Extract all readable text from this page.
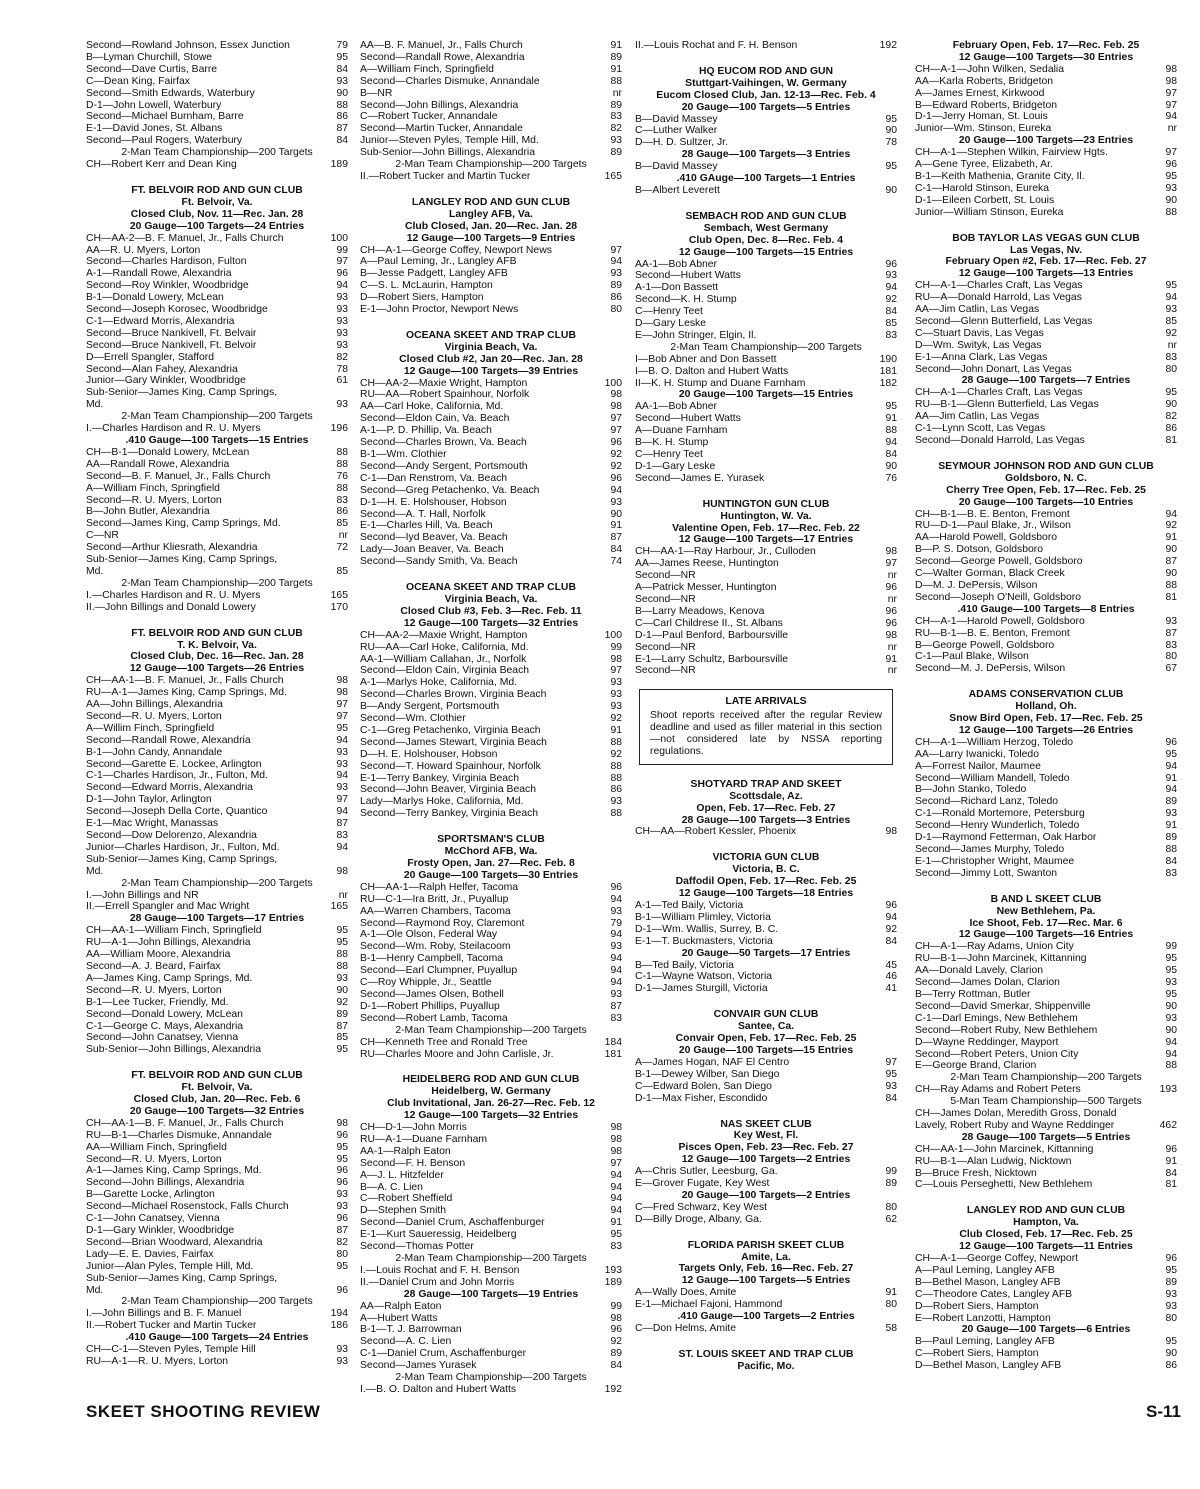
Second—Rowland Johnson, Essex Junction	79
B—Lyman Churchill, Stowe	95
Second—Dave Curtis, Barre	84
C—Dean King, Fairfax	93
Second—Smith Edwards, Waterbury	90
D-1—John Lowell, Waterbury	88
Second—Michael Burnham, Barre	86
E-1—David Jones, St. Albans	87
Second—Paul Rogers, Waterbury	84
2-Man Team Championship—200 Targets
CH—Robert Kerr and Dean King	189
FT. BELVOIR ROD AND GUN CLUB
Ft. Belvoir, Va.
Closed Club, Nov. 11—Rec. Jan. 28
20 Gauge—100 Targets—24 Entries
CH—AA-2—B. F. Manuel, Jr., Falls Church	100
AA—R. U. Myers, Lorton	99
Second—Charles Hardison, Fulton	97
A-1—Randall Rowe, Alexandria	96
Second—Roy Winkler, Woodbridge	94
B-1—Donald Lowery, McLean	93
Second—Joseph Korosec, Woodbridge	93
C-1—Edward Morris, Alexandria	93
Second—Bruce Nankivell, Ft. Belvair	93
Second—Bruce Nankivell, Ft. Belvoir	93
D—Errell Spangler, Stafford	82
Second—Alan Fahey, Alexandria	78
Junior—Gary Winkler, Woodbridge	61
Sub-Senior—James King, Camp Springs,
Md.	93
2-Man Team Championship—200 Targets
I.—Charles Hardison and R. U. Myers	196
.410 Gauge—100 Targets—15 Entries
CH—B-1—Donald Lowery, McLean	88
AA—Randall Rowe, Alexandria	88
Second—B. F. Manuel, Jr., Falls Church	76
A—William Finch, Springfield	88
Second—R. U. Myers, Lorton	83
B—John Butler, Alexandria	86
Second—James King, Camp Springs, Md.	85
C—NR	nr
Second—Arthur Kliesrath, Alexandria	72
Sub-Senior—James King, Camp Springs,
Md.	85
2-Man Team Championship—200 Targets
I.—Charles Hardison and R. U. Myers	165
II.—John Billings and Donald Lowery	170
FT. BELVOIR ROD AND GUN CLUB
T. K. Belvoir, Va.
Closed Club, Dec. 16—Rec. Jan. 28
12 Gauge—100 Targets—26 Entries
CH—AA-1—B. F. Manuel, Jr., Falls Church	98
RU—A-1—James King, Camp Springs, Md.	98
AA—John Billings, Alexandria	97
Second—R. U. Myers, Lorton	97
A—Willim Finch, Springfield	95
Second—Randall Rowe, Alexandria	94
B-1—John Candy, Annandale	93
Second—Garette E. Lockee, Arlington	93
C-1—Charles Hardison, Jr., Fulton, Md.	94
Second—Edward Morris, Alexandria	93
D-1—John Taylor, Arlington	97
Second—Joseph Della Corte, Quantico	94
E-1—Mac Wright, Manassas	87
Second—Dow Delorenzo, Alexandria	83
Junior—Charles Hardison, Jr., Fulton, Md.	94
Sub-Senior—James King, Camp Springs,
Md.	98
2-Man Team Championship—200 Targets
I.—John Billings and NR	nr
II.—Errell Spangler and Mac Wright	165
28 Gauge—100 Targets—17 Entries
CH—AA-1—William Finch, Springfield	95
RU—A-1—John Billings, Alexandria	95
AA—William Moore, Alexandria	88
Second—A. J. Beard, Fairfax	88
A—James King, Camp Springs, Md.	93
Second—R. U. Myers, Lorton	90
B-1—Lee Tucker, Friendly, Md.	92
Second—Donald Lowery, McLean	89
C-1—George C. Mays, Alexandria	87
Second—John Canatsey, Vienna	85
Sub-Senior—John Billings, Alexandria	95
FT. BELVOIR ROD AND GUN CLUB
Ft. Belvoir, Va.
Closed Club, Jan. 20—Rec. Feb. 6
20 Gauge—100 Targets—32 Entries
CH—AA-1—B. F. Manuel, Jr., Falls Church	98
RU—B-1—Charles Dismuke, Annandale	96
AA—William Finch, Springfield	95
Second—R. U. Myers, Lorton	95
A-1—James King, Camp Springs, Md.	96
Second—John Billings, Alexandria	96
B—Garette Locke, Arlington	93
Second—Michael Rosenstock, Falls Church	93
C-1—John Canatsey, Vienna	96
D-1—Gary Winkler, Woodbridge	87
Second—Brian Woodward, Alexandria	82
Lady—E. E. Davies, Fairfax	80
Junior—Alan Pyles, Temple Hill, Md.	95
Sub-Senior—James King, Camp Springs,
Md.	96
2-Man Team Championship—200 Targets
I.—John Billings and B. F. Manuel	194
II.—Robert Tucker and Martin Tucker	186
.410 Gauge—100 Targets—24 Entries
CH—C-1—Steven Pyles, Temple Hill	93
RU—A-1—R. U. Myers, Lorton	93
AA—B. F. Manuel, Jr., Falls Church	91
Second—Randall Rowe, Alexandria	89
A—William Finch, Springfield	91
Second—Charles Dismuke, Annandale	88
B—NR	nr
Second—John Billings, Alexandria	89
C—Robert Tucker, Annandale	83
Second—Martin Tucker, Annandale	82
Junior—Steven Pyles, Temple Hill, Md.	93
Sub-Senior—John Billings, Alexandria	89
2-Man Team Championship—200 Targets
II.—Robert Tucker and Martin Tucker	165
LANGLEY ROD AND GUN CLUB
Langley AFB, Va.
Club Closed, Jan. 20—Rec. Jan. 28
12 Gauge—100 Targets—9 Entries
CH—A-1—George Coffey, Newport News	97
A—Paul Leming, Jr., Langley AFB	94
B—Jesse Padgett, Langley AFB	93
C—S. L. McLaurin, Hampton	89
D—Robert Siers, Hampton	86
E-1—John Proctor, Newport News	80
OCEANA SKEET AND TRAP CLUB
Virginia Beach, Va.
Closed Club #2, Jan 20—Rec. Jan. 28
12 Gauge—100 Targets—39 Entries
CH—AA-2—Maxie Wright, Hampton	100
RU—AA—Robert Spainhour, Norfolk	98
AA—Carl Hoke, California, Md.	98
Second—Eldon Cain, Va. Beach	97
A-1—P. D. Phillip, Va. Beach	97
Second—Charles Brown, Va. Beach	96
B-1—Wm. Clothier	92
Second—Andy Sergent, Portsmouth	92
C-1—Dan Renstrom, Va. Beach	96
Second—Greg Petachenko, Va. Beach	94
D-1—H. E. Holshouser, Hobson	93
Second—A. T. Hall, Norfolk	90
E-1—Charles Hill, Va. Beach	91
Second—Iyd Beaver, Va. Beach	87
Lady—Joan Beaver, Va. Beach	84
Second—Sandy Smith, Va. Beach	74
OCEANA SKEET AND TRAP CLUB
Virginia Beach, Va.
Closed Club #3, Feb. 3—Rec. Feb. 11
12 Gauge—100 Targets—32 Entries
CH—AA-2—Maxie Wright, Hampton	100
RU—AA—Carl Hoke, California, Md.	99
AA-1—William Callahan, Jr., Norfolk	98
Second—Eldon Cain, Virginia Beach	97
A-1—Marlys Hoke, California, Md.	93
Second—Charles Brown, Virginia Beach	93
B—Andy Sergent, Portsmouth	93
Second—Wm. Clothier	92
C-1—Greg Petachenko, Virginia Beach	91
Second—James Stewart, Virginia Beach	88
D—H. E. Holshouser, Hobson	92
Second—T. Howard Spainhour, Norfolk	88
E-1—Terry Bankey, Virginia Beach	88
Second—John Beaver, Virginia Beach	86
Lady—Marlys Hoke, California, Md.	93
Second—Terry Bankey, Virginia Beach	88
SPORTSMAN'S CLUB
McChord AFB, Wa.
Frosty Open, Jan. 27—Rec. Feb. 8
20 Gauge—100 Targets—30 Entries
CH—AA-1—Ralph Helfer, Tacoma	96
RU—C-1—Ira Britt, Jr., Puyallup	94
AA—Warren Chambers, Tacoma	93
Second—Raymond Roy, Claremont	79
A-1—Ole Olson, Federal Way	94
Second—Wm. Roby, Steilacoom	93
B-1—Henry Campbell, Tacoma	94
Second—Earl Clumpner, Puyallup	94
C—Roy Whipple, Jr., Seattle	94
Second—James Olsen, Bothell	93
D-1—Robert Phillips, Puyallup	87
Second—Robert Lamb, Tacoma	83
2-Man Team Championship—200 Targets
CH—Kenneth Tree and Ronald Tree	184
RU—Charles Moore and John Carlisle, Jr.	181
HEIDELBERG ROD AND GUN CLUB
Heidelberg, W. Germany
Club Invitational, Jan. 26-27—Rec. Feb. 12
12 Gauge—100 Targets—32 Entries
CH—D-1—John Morris	98
RU—A-1—Duane Farnham	98
AA-1—Ralph Eaton	98
Second—F. H. Benson	97
A—J. L. Hitzfelder	94
B—A. C. Lien	94
C—Robert Sheffield	94
D—Stephen Smith	94
Second—Daniel Crum, Aschaffenburger	91
E-1—Kurt Saueressig, Heidelberg	95
Second—Thomas Potter	83
2-Man Team Championship—200 Targets
I.—Louis Rochat and F. H. Benson	193
II.—Daniel Crum and John Morris	189
28 Gauge—100 Targets—19 Entries
AA—Ralph Eaton	99
A—Hubert Watts	98
B-1—T. J. Barrowman	96
Second—A. C. Lien	92
C-1—Daniel Crum, Aschaffenburger	89
Second—James Yurasek	84
2-Man Team Championship—200 Targets
I.—B. O. Dalton and Hubert Watts	192
II.—Louis Rochat and F. H. Benson	192
HQ EUCOM ROD AND GUN
Stuttgart-Vaihingen, W. Germany
Eucom Closed Club, Jan. 12-13—Rec. Feb. 4
20 Gauge—100 Targets—5 Entries
B—David Massey	95
C—Luther Walker	90
D—H. D. Sultzer, Jr.	78
28 Gauge—100 Targets—3 Entries
B—David Massey	95
.410 GAuge—100 Targets—1 Entries
B—Albert Leverett	90
SEMBACH ROD AND GUN CLUB
Sembach, West Germany
Club Open, Dec. 8—Rec. Feb. 4
12 Gauge—100 Targets—15 Entries
AA-1—Bob Abner	96
Second—Hubert Watts	93
A-1—Don Bassett	94
Second—K. H. Stump	92
C—Henry Teet	84
D—Gary Leske	85
E—John Stringer, Elgin, Il.	83
2-Man Team Championship—200 Targets
I—Bob Abner and Don Bassett	190
I—B. O. Dalton and Hubert Watts	181
II—K. H. Stump and Duane Farnham	182
20 Gauge—100 Targets—15 Entries
AA-1—Bob Abner	95
Second—Hubert Watts	91
A—Duane Farnham	88
B—K. H. Stump	94
C—Henry Teet	84
D-1—Gary Leske	90
Second—James E. Yurasek	76
HUNTINGTON GUN CLUB
Huntington, W. Va.
Valentine Open, Feb. 17—Rec. Feb. 22
12 Gauge—100 Targets—17 Entries
CH—AA-1—Ray Harbour, Jr., Culloden	98
AA—James Reese, Huntington	97
Second—NR	nr
A—Patrick Messer, Huntington	96
Second—NR	nr
B—Larry Meadows, Kenova	96
C—Carl Childrese II., St. Albans	96
D-1—Paul Benford, Barboursville	98
Second—NR	nr
E-1—Larry Schultz, Barboursville	91
Second—NR	nr
LATE ARRIVALS
Shoot reports received after the regular Review deadline and used as filler material in this section—not considered late by NSSA reporting regulations.
SHOTYARD TRAP AND SKEET
Scottsdale, Az.
Open, Feb. 17—Rec. Feb. 27
28 Gauge—100 Targets—3 Entries
CH—AA—Robert Kessler, Phoenix	98
VICTORIA GUN CLUB
Victoria, B. C.
Daffodil Open, Feb. 17—Rec. Feb. 25
12 Gauge—100 Targets—18 Entries
A-1—Ted Baily, Victoria	96
B-1—William Plimley, Victoria	94
D-1—Wm. Wallis, Surrey, B. C.	92
E-1—T. Buckmasters, Victoria	84
20 Gauge—50 Targets—17 Entries
B—Ted Baily, Victoria	45
C-1—Wayne Watson, Victoria	46
D-1—James Sturgill, Victoria	41
CONVAIR GUN CLUB
Santee, Ca.
Convair Open, Feb. 17—Rec. Feb. 25
20 Gauge—100 Targets—15 Entries
A—James Hogan, NAF El Centro	97
B-1—Dewey Wilber, San Diego	95
C—Edward Bolen, San Diego	93
D-1—Max Fisher, Escondido	84
NAS SKEET CLUB
Key West, Fl.
Pisces Open, Feb. 23—Rec. Feb. 27
12 Gauge—100 Targets—2 Entries
A—Chris Sutler, Leesburg, Ga.	99
E—Grover Fugate, Key West	89
20 Gauge—100 Targets—2 Entries
C—Fred Schwarz, Key West	80
D—Billy Droge, Albany, Ga.	62
FLORIDA PARISH SKEET CLUB
Amite, La.
Targets Only, Feb. 16—Rec. Feb. 27
12 Gauge—100 Targets—5 Entries
A—Wally Does, Amite	91
E-1—Michael Fajoni, Hammond	80
.410 Gauge—100 Targets—2 Entries
C—Don Helms, Amite	58
ST. LOUIS SKEET AND TRAP CLUB
Pacific, Mo.
February Open, Feb. 17—Rec. Feb. 25
12 Gauge—100 Targets—30 Entries
CH—A-1—John Wilken, Sedalia	98
AA—Karla Roberts, Bridgeton	98
A—James Ernest, Kirkwood	97
B—Edward Roberts, Bridgeton	97
D-1—Jerry Homan, St. Louis	94
Junior—Wm. Stinson, Eureka	nr
20 Gauge—100 Targets—23 Entries
CH—A-1—Stephen Wilkin, Fairview Hgts.	97
A—Gene Tyree, Elizabeth, Ar.	96
B-1—Keith Mathenia, Granite City, Il.	95
C-1—Harold Stinson, Eureka	93
D-1—Eileen Corbett, St. Louis	90
Junior—William Stinson, Eureka	88
BOB TAYLOR LAS VEGAS GUN CLUB
Las Vegas, Nv.
February Open #2, Feb. 17—Rec. Feb. 27
12 Gauge—100 Targets—13 Entries
CH—A-1—Charles Craft, Las Vegas	95
RU—A—Donald Harrold, Las Vegas	94
AA—Jim Catlin, Las Vegas	93
Second—Glenn Butterfield, Las Vegas	85
C—Stuart Davis, Las Vegas	92
D—Wm. Swityk, Las Vegas	nr
E-1—Anna Clark, Las Vegas	83
Second—John Donart, Las Vegas	80
28 Gauge—100 Targets—7 Entries
CH—A-1—Charles Craft, Las Vegas	95
RU—B-1—Glenn Butterfield, Las Vegas	90
AA—Jim Catlin, Las Vegas	82
C-1—Lynn Scott, Las Vegas	86
Second—Donald Harrold, Las Vegas	81
SEYMOUR JOHNSON ROD AND GUN CLUB
Goldsboro, N. C.
Cherry Tree Open, Feb. 17—Rec. Feb. 25
20 Gauge—100 Targets—10 Entries
CH—B-1—B. E. Benton, Fremont	94
RU—D-1—Paul Blake, Jr., Wilson	92
AA—Harold Powell, Goldsboro	91
B—P. S. Dotson, Goldsboro	90
Second—George Powell, Goldsboro	87
C—Walter Gorman, Black Creek	90
D—M. J. DePersis, Wilson	88
Second—Joseph O'Neill, Goldsboro	81
.410 Gauge—100 Targets—8 Entries
CH—A-1—Harold Powell, Goldsboro	93
RU—B-1—B. E. Benton, Fremont	87
B—George Powell, Goldsboro	83
C-1—Paul Blake, Wilson	80
Second—M. J. DePersis, Wilson	67
ADAMS CONSERVATION CLUB
Holland, Oh.
Snow Bird Open, Feb. 17—Rec. Feb. 25
12 Gauge—100 Targets—26 Entries
CH—A-1—William Herzog, Toledo	96
AA—Larry Iwanicki, Toledo	95
A—Forrest Nailor, Maumee	94
Second—William Mandell, Toledo	91
B—John Stanko, Toledo	94
Second—Richard Lanz, Toledo	89
C-1—Ronald Mortemore, Petersburg	93
Second—Henry Wunderlich, Toledo	91
D-1—Raymond Fetterman, Oak Harbor	89
Second—James Murphy, Toledo	88
E-1—Christopher Wright, Maumee	84
Second—Jimmy Lott, Swanton	83
B AND L SKEET CLUB
New Bethlehem, Pa.
Ice Shoot, Feb. 17—Rec. Mar. 6
12 Gauge—100 Targets—16 Entries
CH—A-1—Ray Adams, Union City	99
RU—B-1—John Marcinek, Kittanning	95
AA—Donald Lavely, Clarion	95
Second—James Dolan, Clarion	93
B—Terry Rottman, Butler	95
Second—David Smerkar, Shippenville	90
C-1—Darl Emings, New Bethlehem	93
Second—Robert Ruby, New Bethlehem	90
D—Wayne Reddinger, Mayport	94
Second—Robert Peters, Union City	94
E—George Brand, Clarion	88
2-Man Team Championship—200 Targets
CH—Ray Adams and Robert Peters	193
5-Man Team Championship—500 Targets
CH—James Dolan, Meredith Gross, Donald
Lavely, Robert Ruby and Wayne Reddinger	462
28 Gauge—100 Targets—5 Entries
CH—AA-1—John Marcinek, Kittanning	96
RU—B-1—Alan Ludwig, Nicktown	91
B—Bruce Fresh, Nicktown	84
C—Louis Perseghetti, New Bethlehem	81
LANGLEY ROD AND GUN CLUB
Hampton, Va.
Club Closed, Feb. 17—Rec. Feb. 25
12 Gauge—100 Targets—11 Entries
CH—A-1—George Coffey, Newport	96
A—Paul Leming, Langley AFB	95
B—Bethel Mason, Langley AFB	89
C—Theodore Cates, Langley AFB	93
D—Robert Siers, Hampton	93
E—Robert Lanzotti, Hampton	80
20 Gauge—100 Targets—6 Entries
B—Paul Leming, Langley AFB	95
C—Robert Siers, Hampton	90
D—Bethel Mason, Langley AFB	86
SKEET SHOOTING REVIEW	S-11
